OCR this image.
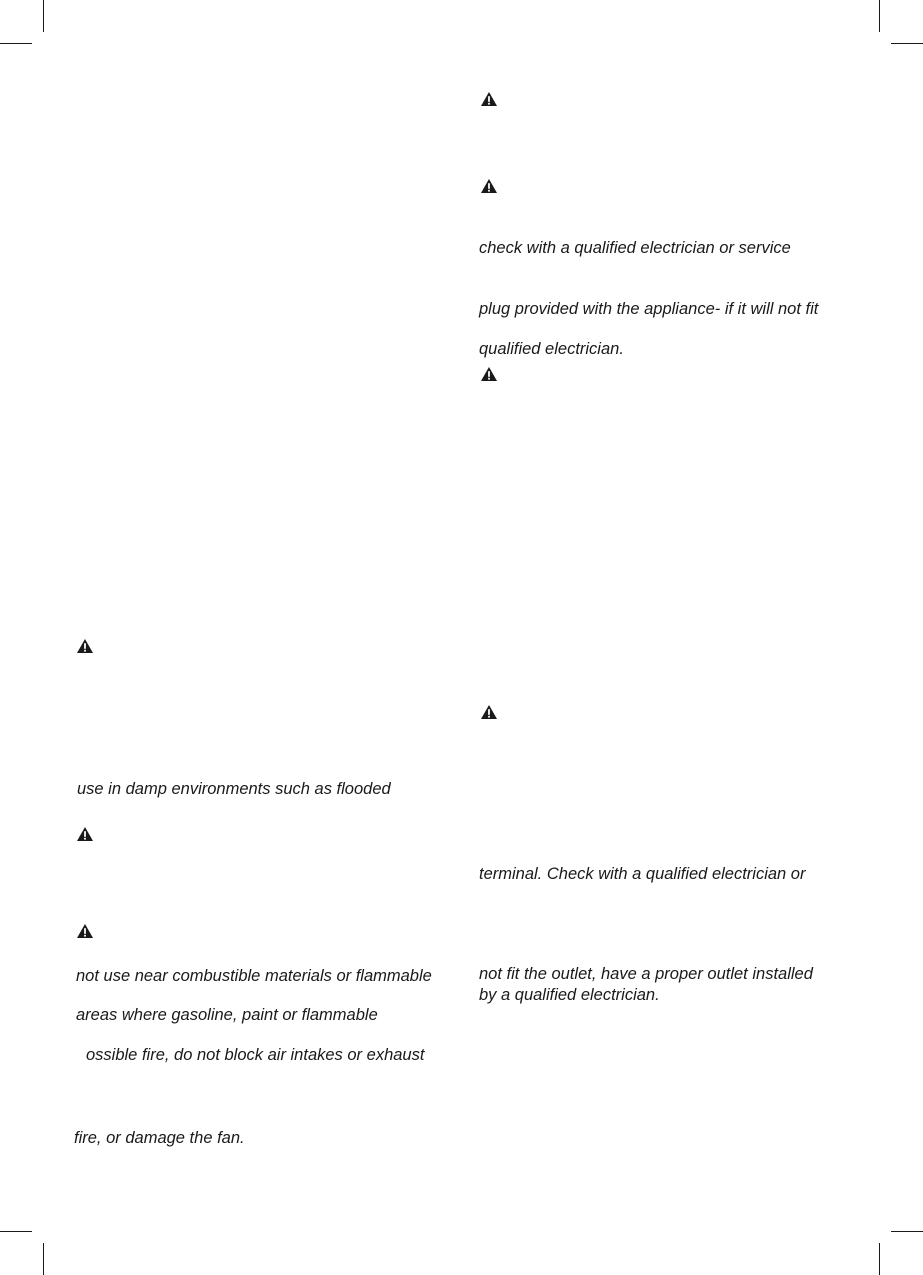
use in damp environments such as flooded
not use near combustible materials or flammable
areas where gasoline, paint or flammable
ossible fire, do not block air intakes or exhaust
fire, or damage the fan.
check with a qualified electrician or service
plug provided with the appliance- if it will not fit
qualified electrician.
terminal. Check with a qualified electrician or
not fit the outlet, have a proper outlet installed
by a qualified electrician.
